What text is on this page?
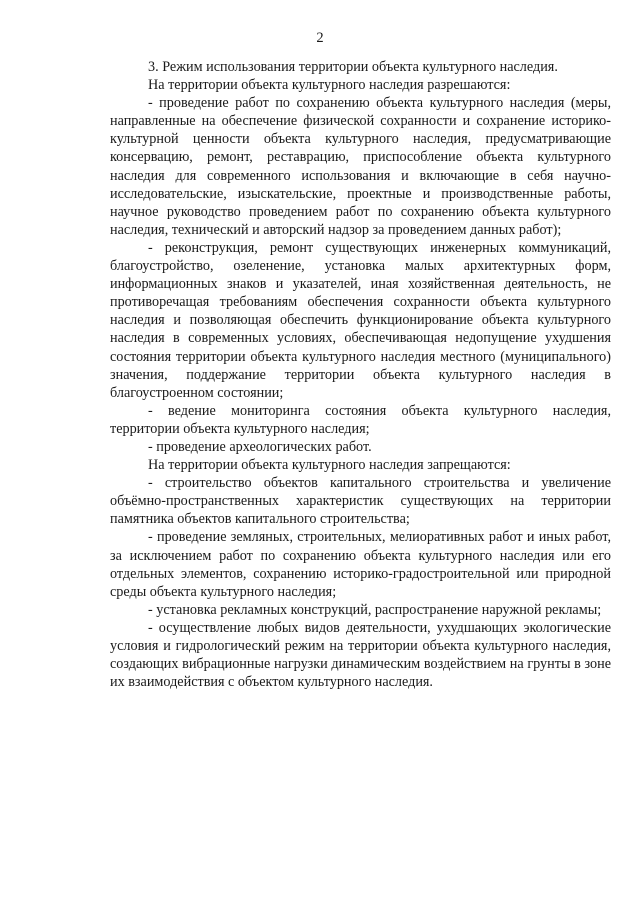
2

3. Режим использования территории объекта культурного наследия.

На территории объекта культурного наследия разрешаются:

- проведение работ по сохранению объекта культурного наследия (меры, направленные на обеспечение физической сохранности и сохранение историко-культурной ценности объекта культурного наследия, предусматривающие консервацию, ремонт, реставрацию, приспособление объекта культурного наследия для современного использования и включающие в себя научно-исследовательские, изыскательские, проектные и производственные работы, научное руководство проведением работ по сохранению объекта культурного наследия, технический и авторский надзор за проведением данных работ);

- реконструкция, ремонт существующих инженерных коммуникаций, благоустройство, озеленение, установка малых архитектурных форм, информационных знаков и указателей, иная хозяйственная деятельность, не противоречащая требованиям обеспечения сохранности объекта культурного наследия и позволяющая обеспечить функционирование объекта культурного наследия в современных условиях, обеспечивающая недопущение ухудшения состояния территории объекта культурного наследия местного (муниципального) значения, поддержание территории объекта культурного наследия в благоустроенном состоянии;

- ведение мониторинга состояния объекта культурного наследия, территории объекта культурного наследия;

- проведение археологических работ.

На территории объекта культурного наследия запрещаются:

- строительство объектов капитального строительства и увеличение объёмно-пространственных характеристик существующих на территории памятника объектов капитального строительства;

- проведение земляных, строительных, мелиоративных работ и иных работ, за исключением работ по сохранению объекта культурного наследия или его отдельных элементов, сохранению историко-градостроительной или природной среды объекта культурного наследия;

- установка рекламных конструкций, распространение наружной рекламы;

- осуществление любых видов деятельности, ухудшающих экологические условия и гидрологический режим на территории объекта культурного наследия, создающих вибрационные нагрузки динамическим воздействием на грунты в зоне их взаимодействия с объектом культурного наследия.
